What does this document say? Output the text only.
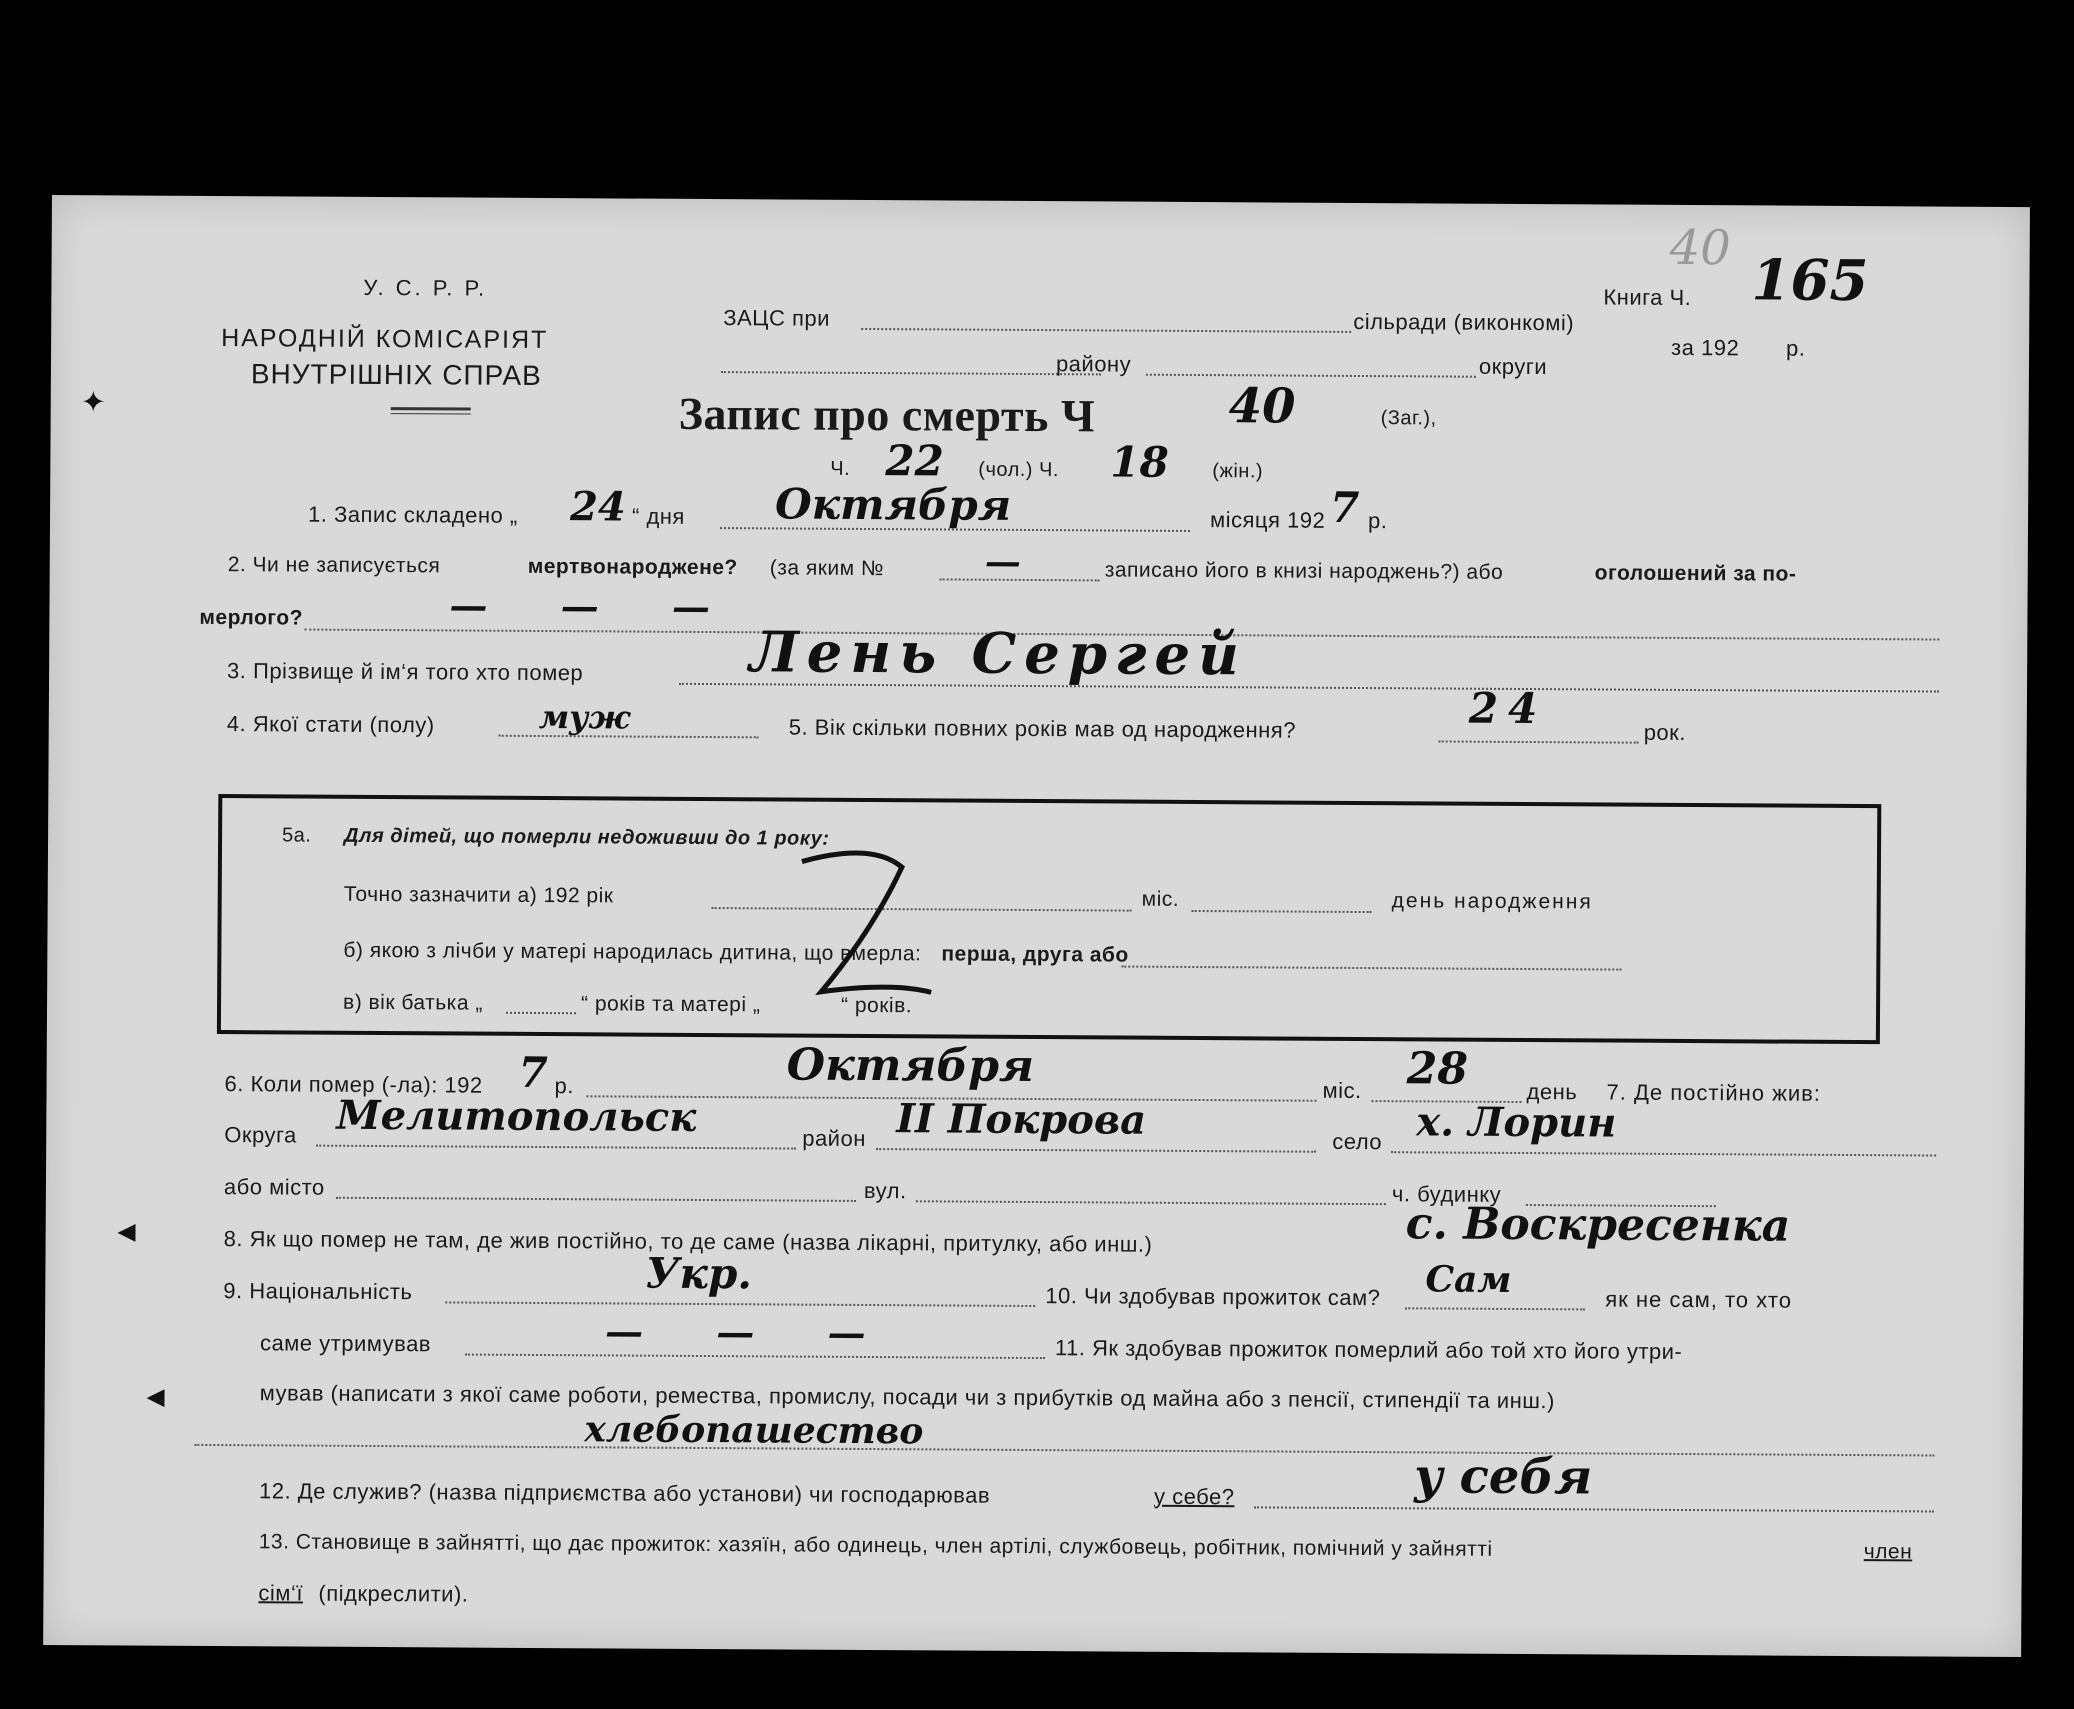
У. С. Р. Р.
НАРОДНІЙ КОМІСАРІЯТ
ВНУТРІШНІХ СПРАВ
ЗАЦС при	сільради (виконкомі)
району	округи
40
Книга Ч. 165
за 192 р.
Запис про смерть Ч	40	(Заг.),
Ч. 22 (чол.) Ч. 18 (жін.)
1. Запис складено „ 24 “ дня Октября	місяця 192 7 р.
2. Чи не записується	мертвонароджене? (за яким №	—	записано його в книзі народжень?) або	оголошений за по-
мерлого?	— — —
3. Прізвище й ім‘я того хто помер	Лень Сергей
4. Якої стати (полу)	муж	5. Вік скільки повних років мав од народження?	24	рок.
5а. Для дітей, що померли недоживши до 1 року:
Точно зазначити а) 192 рік	міс.	день народження
б) якою з лічби у матері народилась дитина, що вмерла: перша, друга або
в) вік батька „	“ років та матері „	“ років.
6. Коли помер (-ла): 192 7 р.	Октября	міс. 28	день 7. Де постійно жив:
Округа Мелитопольск	район II Покрова	село х. Лорин
або місто	вул.	ч. будинку
8. Як що помер не там, де жив постійно, то де саме (назва лікарні, притулку, або инш.)	с. Воскресенка
9. Національність	Укр.	10. Чи здобував прожиток сам? Сам	як не сам, то хто
саме утримував	— — —	11. Як здобував прожиток померлий або той хто його утри-
мував (написати з якої саме роботи, ремества, промислу, посади чи з прибутків од майна або з пенсії, стипендії та инш.)
хлебопашество
12. Де служив? (назва підприємства або установи) чи господарював	у себе?	у себя
13. Становище в зайнятті, що дає прожиток: хазяїн, або одинець, член артілі, службовець, робітник, помічний у зайнятті	член
сім‘ї (підкреслити).
✦
◄
◄
